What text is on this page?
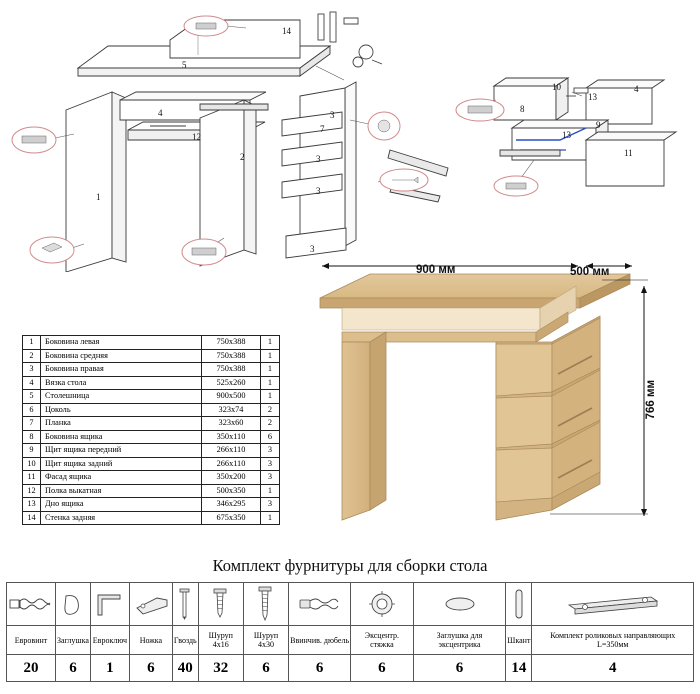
1
2
3
4
5
7
3
3
3
12
14
8
10
13
4
9
13
11
1	Боковина левая	750x388	1
2	Боковина средняя	750x388	1
3	Боковина правая	750x388	1
4	Вязка стола	525x260	1
5	Столешница	900x500	1
6	Цоколь	323x74	2
7	Планка	323x60	2
8	Боковина ящика	350x110	6
9	Щит ящика передний	266x110	3
10	Щит ящика задний	266x110	3
11	Фасад ящика	350x200	3
12	Полка выкатная	500x350	1
13	Дно ящика	346x295	3
14	Стенка задняя	675x350	1
900 мм	500 мм
766 мм
Комплект фурнитуры для сборки стола

Евровинт	Заглушка	Евроключ	Ножка	Гвоздь	Шуруп 4х16	Шуруп 4х30	Ввинчив. дюбель	Эксцентр. стяжка	Заглушка для эксцентрика	Шкант	Комплект роликовых направляющих L=350мм
20	6	1	6	40	32	6	6	6	6	14	4
